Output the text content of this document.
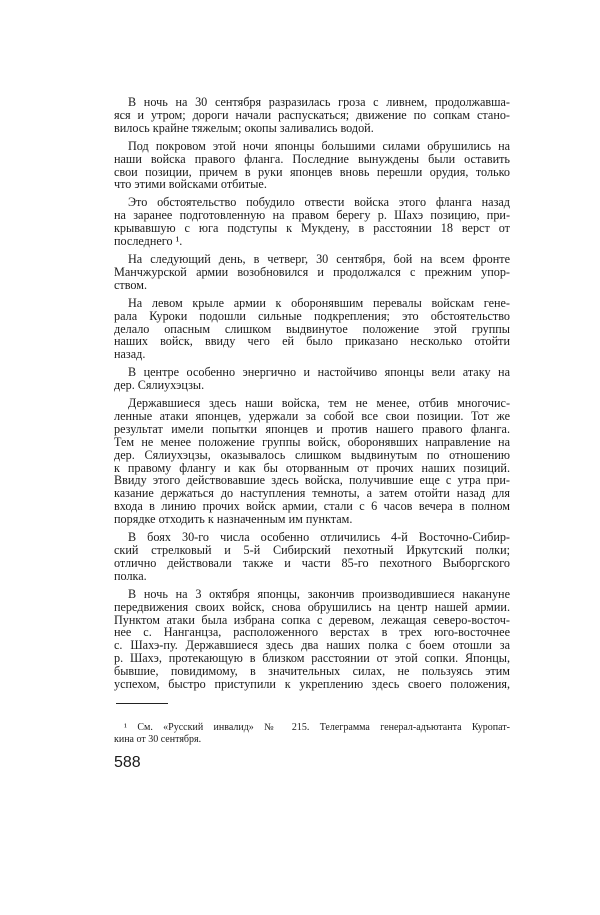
В ночь на 30 сентября разразилась гроза с ливнем, продолжавша-
яся и утром; дороги начали распускаться; движение по сопкам стано-
вилось крайне тяжелым; окопы заливались водой.
Под покровом этой ночи японцы большими силами обрушились на
наши войска правого фланга. Последние вынуждены были оставить
свои позиции, причем в руки японцев вновь перешли орудия, только
что этими войсками отбитые.
Это обстоятельство побудило отвести войска этого фланга назад
на заранее подготовленную на правом берегу р. Шахэ позицию, при-
крывавшую с юга подступы к Мукдену, в расстоянии 18 верст от
последнего ¹.
На следующий день, в четверг, 30 сентября, бой на всем фронте
Манчжурской армии возобновился и продолжался с прежним упор-
ством.
На левом крыле армии к оборонявшим перевалы войскам гене-
рала Куроки подошли сильные подкрепления; это обстоятельство
делало опасным слишком выдвинутое положение этой группы
наших войск, ввиду чего ей было приказано несколько отойти
назад.
В центре особенно энергично и настойчиво японцы вели атаку на
дер. Сялиухэцзы.
Державшиеся здесь наши войска, тем не менее, отбив многочис-
ленные атаки японцев, удержали за собой все свои позиции. Тот же
результат имели попытки японцев и против нашего правого фланга.
Тем не менее положение группы войск, оборонявших направление на
дер. Сялиухэцзы, оказывалось слишком выдвинутым по отношению
к правому флангу и как бы оторванным от прочих наших позиций.
Ввиду этого действовавшие здесь войска, получившие еще с утра при-
казание держаться до наступления темноты, а затем отойти назад для
входа в линию прочих войск армии, стали с 6 часов вечера в полном
порядке отходить к назначенным им пунктам.
В боях 30-го числа особенно отличились 4-й Восточно-Сибир-
ский стрелковый и 5-й Сибирский пехотный Иркутский полки;
отлично действовали также и части 85-го пехотного Выборгского
полка.
В ночь на 3 октября японцы, закончив производившиеся накануне
передвижения своих войск, снова обрушились на центр нашей армии.
Пунктом атаки была избрана сопка с деревом, лежащая северо-восточ-
нее с. Нанганцза, расположенного верстах в трех юго-восточнее
с. Шахэ-пу. Державшиеся здесь два наших полка с боем отошли за
р. Шахэ, протекающую в близком расстоянии от этой сопки. Японцы,
бывшие, повидимому, в значительных силах, не пользуясь этим
успехом, быстро приступили к укреплению здесь своего положения,
¹ См. «Русский инвалид» № 215. Телеграмма генерал-адъютанта Куропат-
кина от 30 сентября.
588
